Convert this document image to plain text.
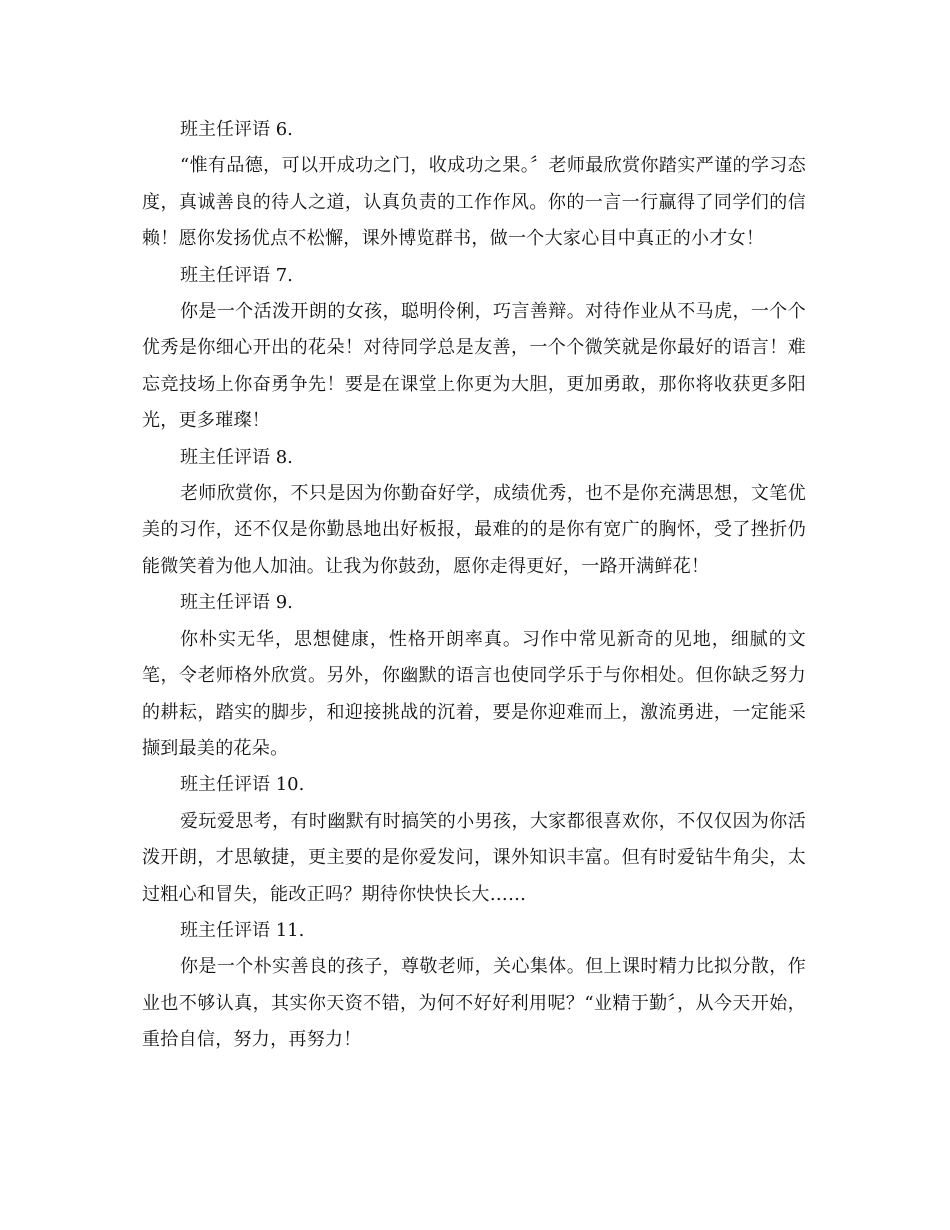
班主任评语 6.

“惟有品德，可以开成功之门，收成功之果。〞老师最欣赏你踏实严谨的学习态度，真诚善良的待人之道，认真负责的工作作风。你的一言一行赢得了同学们的信赖！愿你发扬优点不松懈，课外博览群书，做一个大家心目中真正的小才女！

班主任评语 7.

你是一个活泼开朗的女孩，聪明伶俐，巧言善辩。对待作业从不马虎，一个个优秀是你细心开出的花朵！对待同学总是友善，一个个微笑就是你最好的语言！难忘竞技场上你奋勇争先！要是在课堂上你更为大胆，更加勇敢，那你将收获更多阳光，更多璀璨！

班主任评语 8.

老师欣赏你，不只是因为你勤奋好学，成绩优秀，也不是你充满思想，文笔优美的习作，还不仅是你勤恳地出好板报，最难的的是你有宽广的胸怀，受了挫折仍能微笑着为他人加油。让我为你鼓劲，愿你走得更好，一路开满鲜花！

班主任评语 9.

你朴实无华，思想健康，性格开朗率真。习作中常见新奇的见地，细腻的文笔，令老师格外欣赏。另外，你幽默的语言也使同学乐于与你相处。但你缺乏努力的耕耘，踏实的脚步，和迎接挑战的沉着，要是你迎难而上，激流勇进，一定能采撷到最美的花朵。

班主任评语 10.

爱玩爱思考，有时幽默有时搞笑的小男孩，大家都很喜欢你，不仅仅因为你活泼开朗，才思敏捷，更主要的是你爱发问，课外知识丰富。但有时爱钻牛角尖，太过粗心和冒失，能改正吗？期待你快快长大……

班主任评语 11.

你是一个朴实善良的孩子，尊敬老师，关心集体。但上课时精力比拟分散，作业也不够认真，其实你天资不错，为何不好好利用呢？“业精于勤〞，从今天开始，重拾自信，努力，再努力！
